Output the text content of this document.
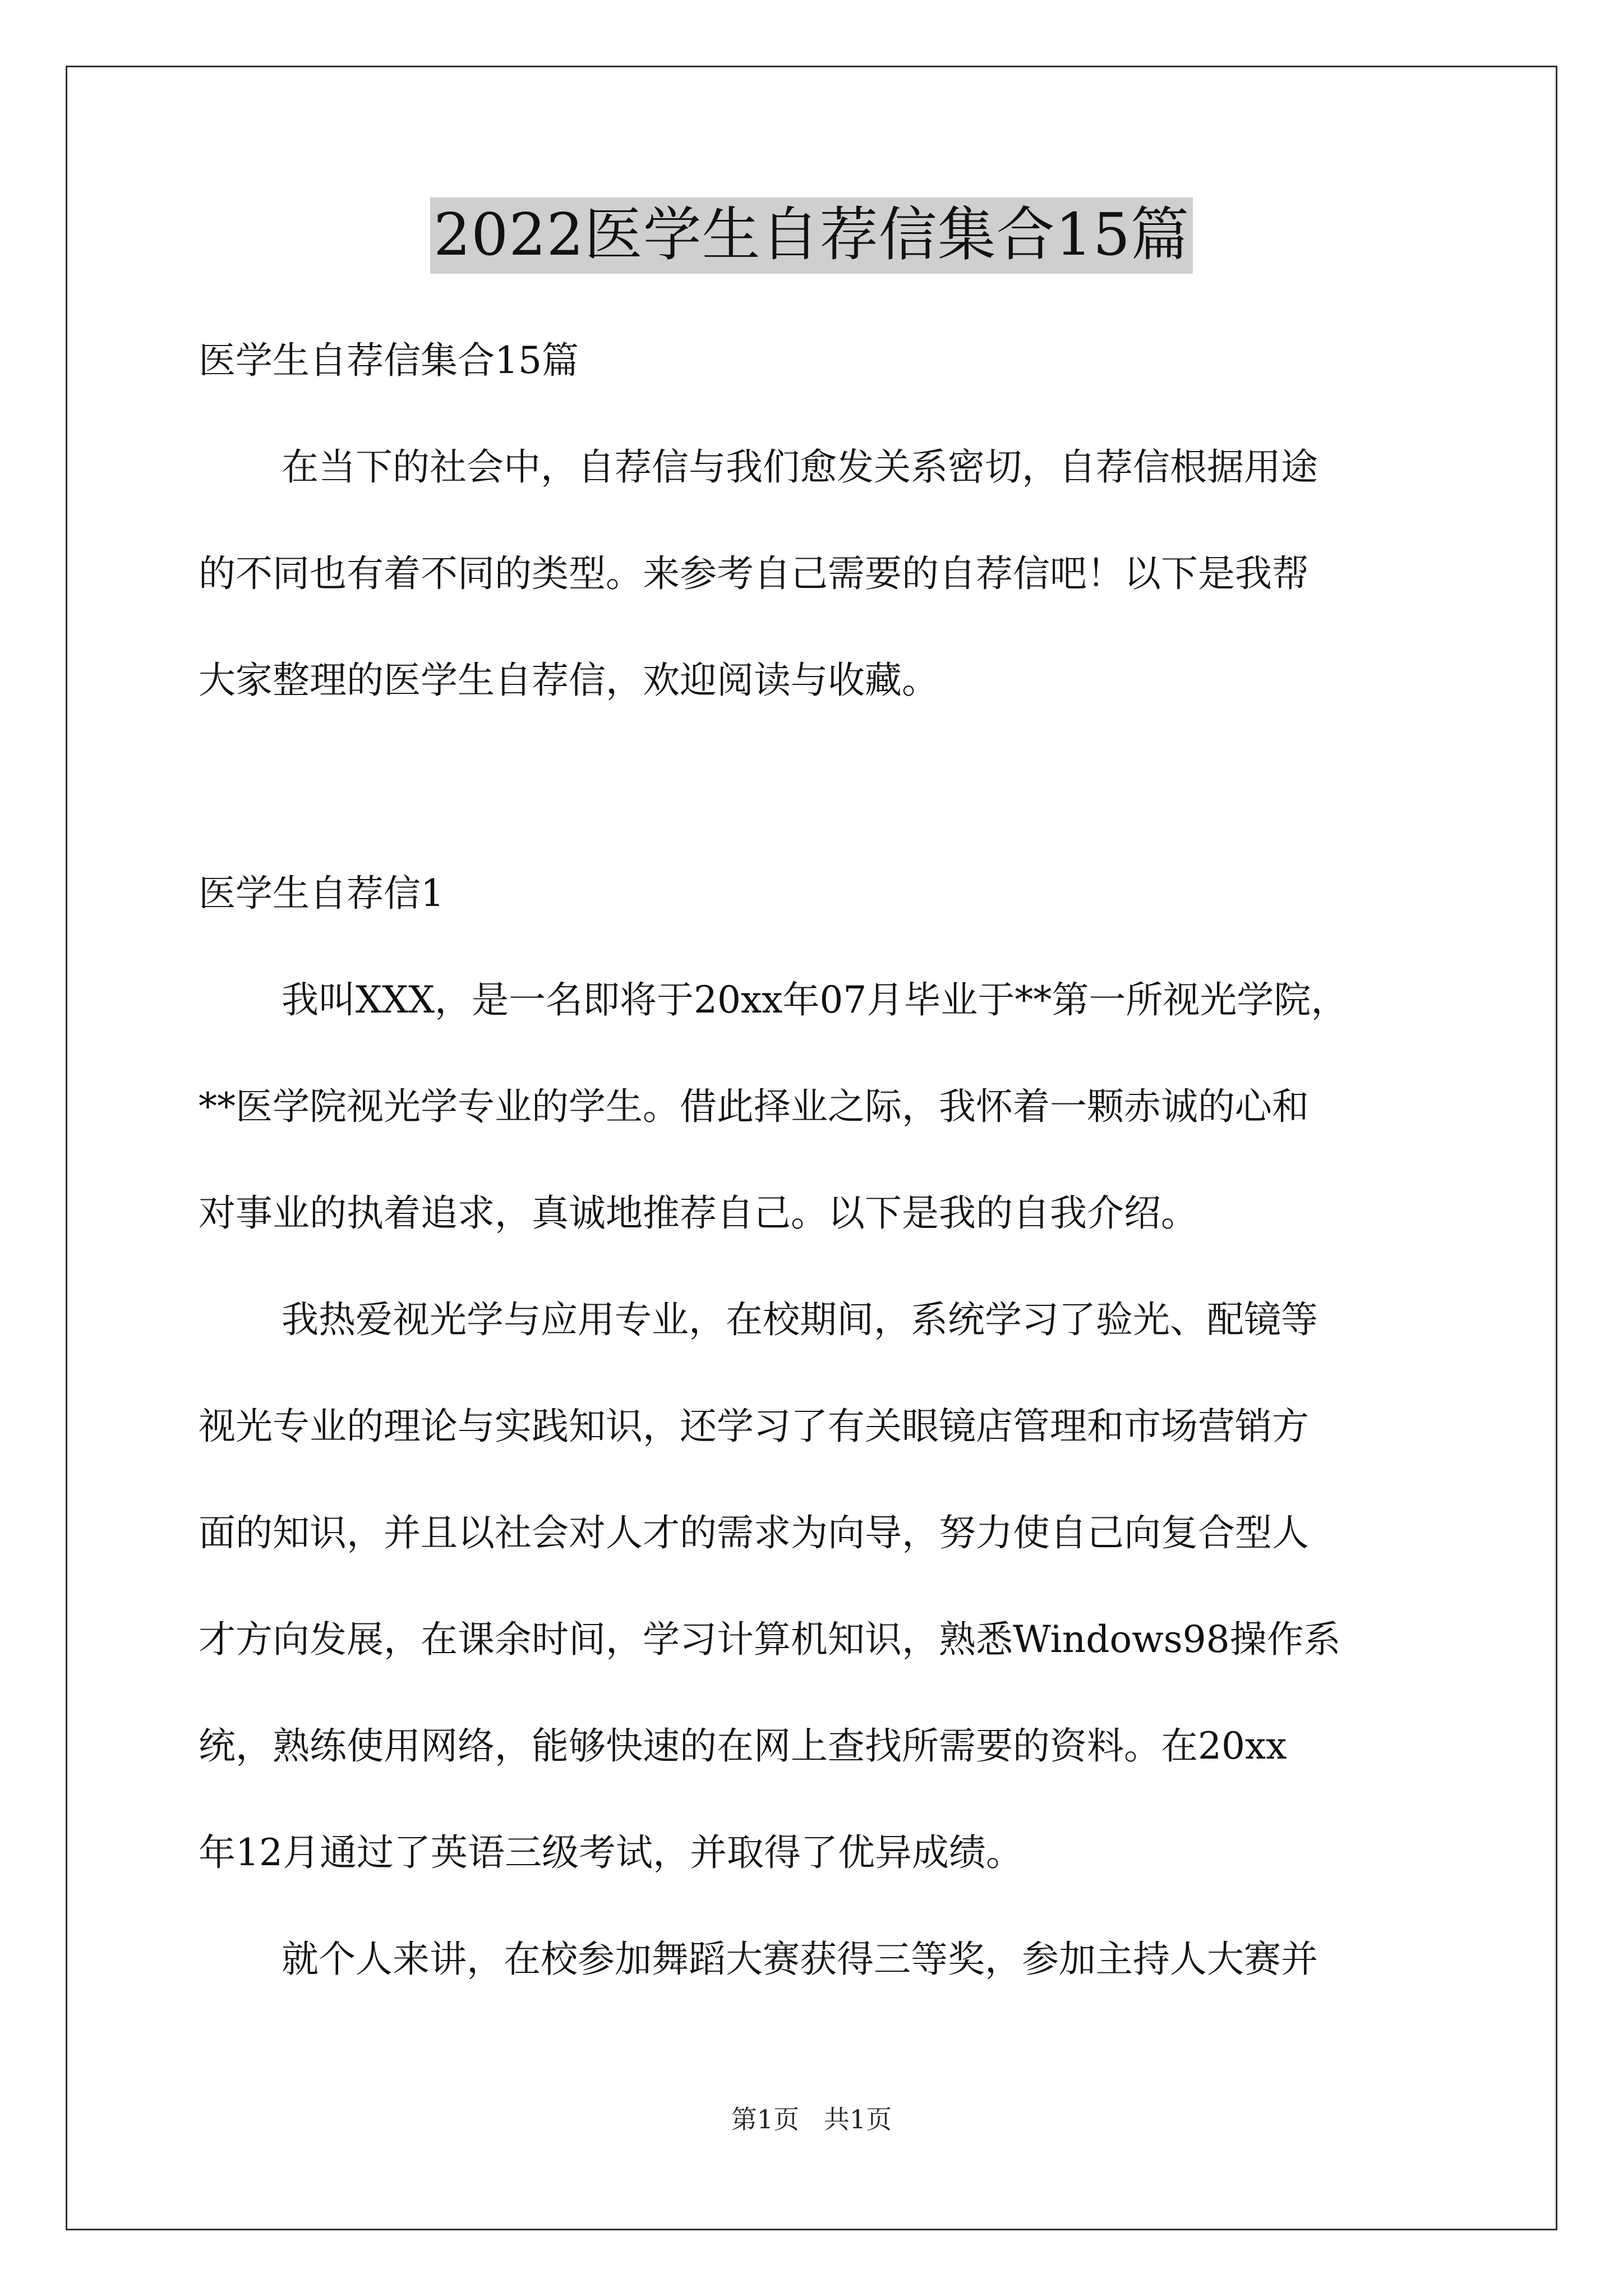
2022医学生自荐信集合15篇
医学生自荐信集合15篇
在当下的社会中，自荐信与我们愈发关系密切，自荐信根据用途
的不同也有着不同的类型。来参考自己需要的自荐信吧！以下是我帮
大家整理的医学生自荐信，欢迎阅读与收藏。
医学生自荐信1
我叫XXX，是一名即将于20xx年07月毕业于**第一所视光学院，
**医学院视光学专业的学生。借此择业之际，我怀着一颗赤诚的心和
对事业的执着追求，真诚地推荐自己。以下是我的自我介绍。
我热爱视光学与应用专业，在校期间，系统学习了验光、配镜等
视光专业的理论与实践知识，还学习了有关眼镜店管理和市场营销方
面的知识，并且以社会对人才的需求为向导，努力使自己向复合型人
才方向发展，在课余时间，学习计算机知识，熟悉Windows98操作系
统，熟练使用网络，能够快速的在网上查找所需要的资料。在20xx
年12月通过了英语三级考试，并取得了优异成绩。
就个人来讲，在校参加舞蹈大赛获得三等奖，参加主持人大赛并
第1页   共1页
